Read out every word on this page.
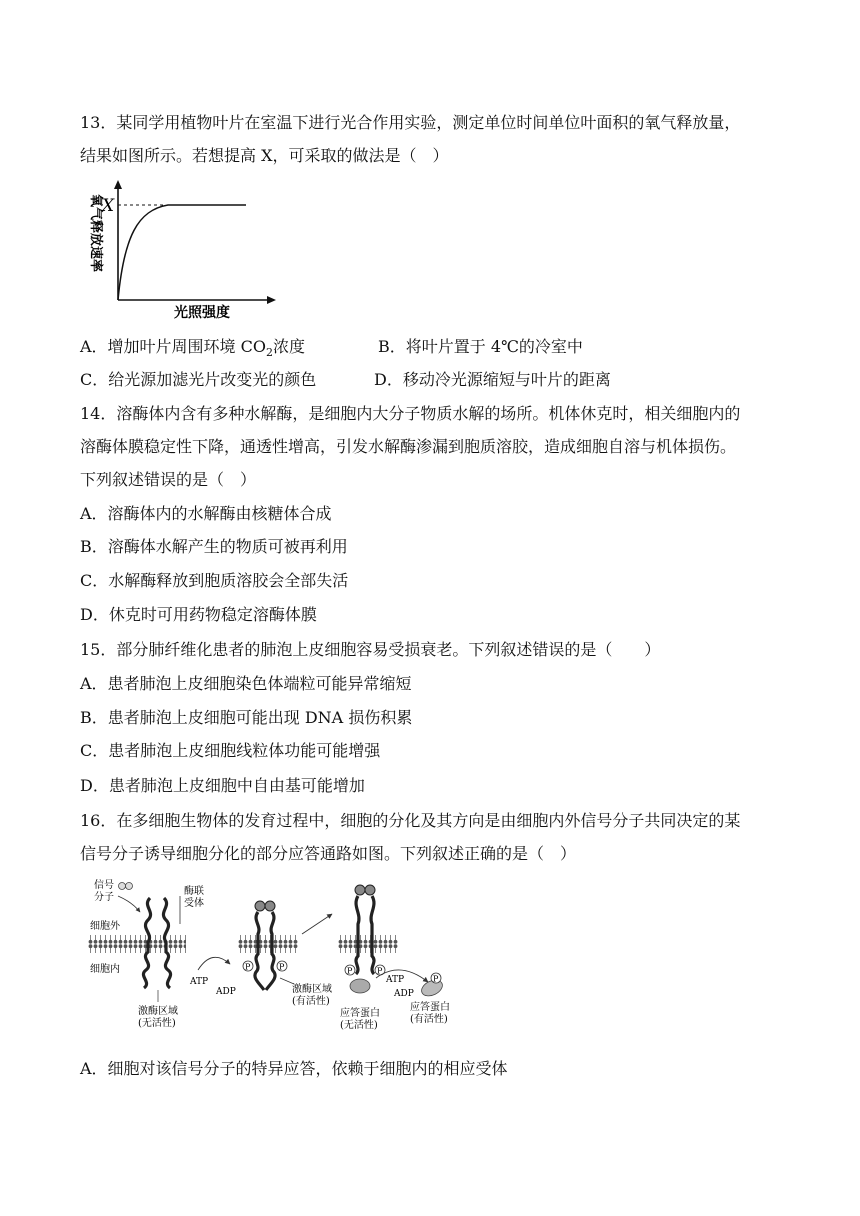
13．某同学用植物叶片在室温下进行光合作用实验，测定单位时间单位叶面积的氧气释放量，
结果如图所示。若想提高 X，可采取的做法是（　）
X
氧气释放速率
光照强度
A．增加叶片周围环境 $CO_2$浓度	B．将叶片置于 4℃的冷室中
C．给光源加滤光片改变光的颜色	D．移动冷光源缩短与叶片的距离
14．溶酶体内含有多种水解酶，是细胞内大分子物质水解的场所。机体休克时，相关细胞内的
溶酶体膜稳定性下降，通透性增高，引发水解酶渗漏到胞质溶胶，造成细胞自溶与机体损伤。
下列叙述错误的是（　）
A．溶酶体内的水解酶由核糖体合成
B．溶酶体水解产生的物质可被再利用
C．水解酶释放到胞质溶胶会全部失活
D．休克时可用药物稳定溶酶体膜
15．部分肺纤维化患者的肺泡上皮细胞容易受损衰老。下列叙述错误的是（　　）
A．患者肺泡上皮细胞染色体端粒可能异常缩短
B．患者肺泡上皮细胞可能出现 DNA 损伤积累
C．患者肺泡上皮细胞线粒体功能可能增强
D．患者肺泡上皮细胞中自由基可能增加
16．在多细胞生物体的发育过程中，细胞的分化及其方向是由细胞内外信号分子共同决定的某
信号分子诱导细胞分化的部分应答通路如图。下列叙述正确的是（　）
信号
分子
细胞外
细胞内
酶联
受体
激酶区域
(无活性)
ATP
ADP
P	P
激酶区域
(有活性)
P	P
应答蛋白
(无活性)
ATP
ADP
P
应答蛋白
(有活性)
A．细胞对该信号分子的特异应答，依赖于细胞内的相应受体
